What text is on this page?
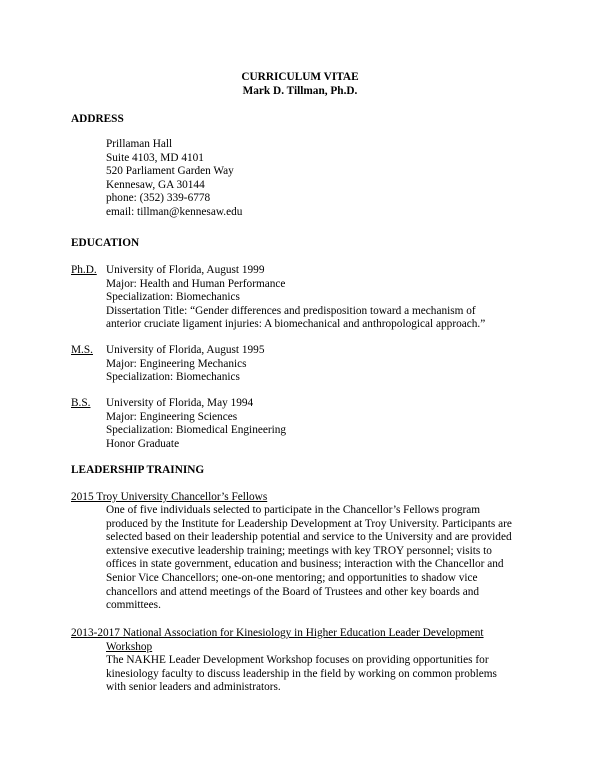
CURRICULUM VITAE
Mark D. Tillman, Ph.D.
ADDRESS
Prillaman Hall
Suite 4103, MD 4101
520 Parliament Garden Way
Kennesaw, GA 30144
phone: (352) 339-6778
email: tillman@kennesaw.edu
EDUCATION
Ph.D. University of Florida, August 1999
Major: Health and Human Performance
Specialization: Biomechanics
Dissertation Title: “Gender differences and predisposition toward a mechanism of
anterior cruciate ligament injuries: A biomechanical and anthropological approach.”
M.S. University of Florida, August 1995
Major: Engineering Mechanics
Specialization: Biomechanics
B.S. University of Florida, May 1994
Major: Engineering Sciences
Specialization: Biomedical Engineering
Honor Graduate
LEADERSHIP TRAINING
2015 Troy University Chancellor’s Fellows
One of five individuals selected to participate in the Chancellor’s Fellows program
produced by the Institute for Leadership Development at Troy University. Participants are
selected based on their leadership potential and service to the University and are provided
extensive executive leadership training; meetings with key TROY personnel; visits to
offices in state government, education and business; interaction with the Chancellor and
Senior Vice Chancellors; one-on-one mentoring; and opportunities to shadow vice
chancellors and attend meetings of the Board of Trustees and other key boards and
committees.
2013-2017 National Association for Kinesiology in Higher Education Leader Development
Workshop
The NAKHE Leader Development Workshop focuses on providing opportunities for
kinesiology faculty to discuss leadership in the field by working on common problems
with senior leaders and administrators.
